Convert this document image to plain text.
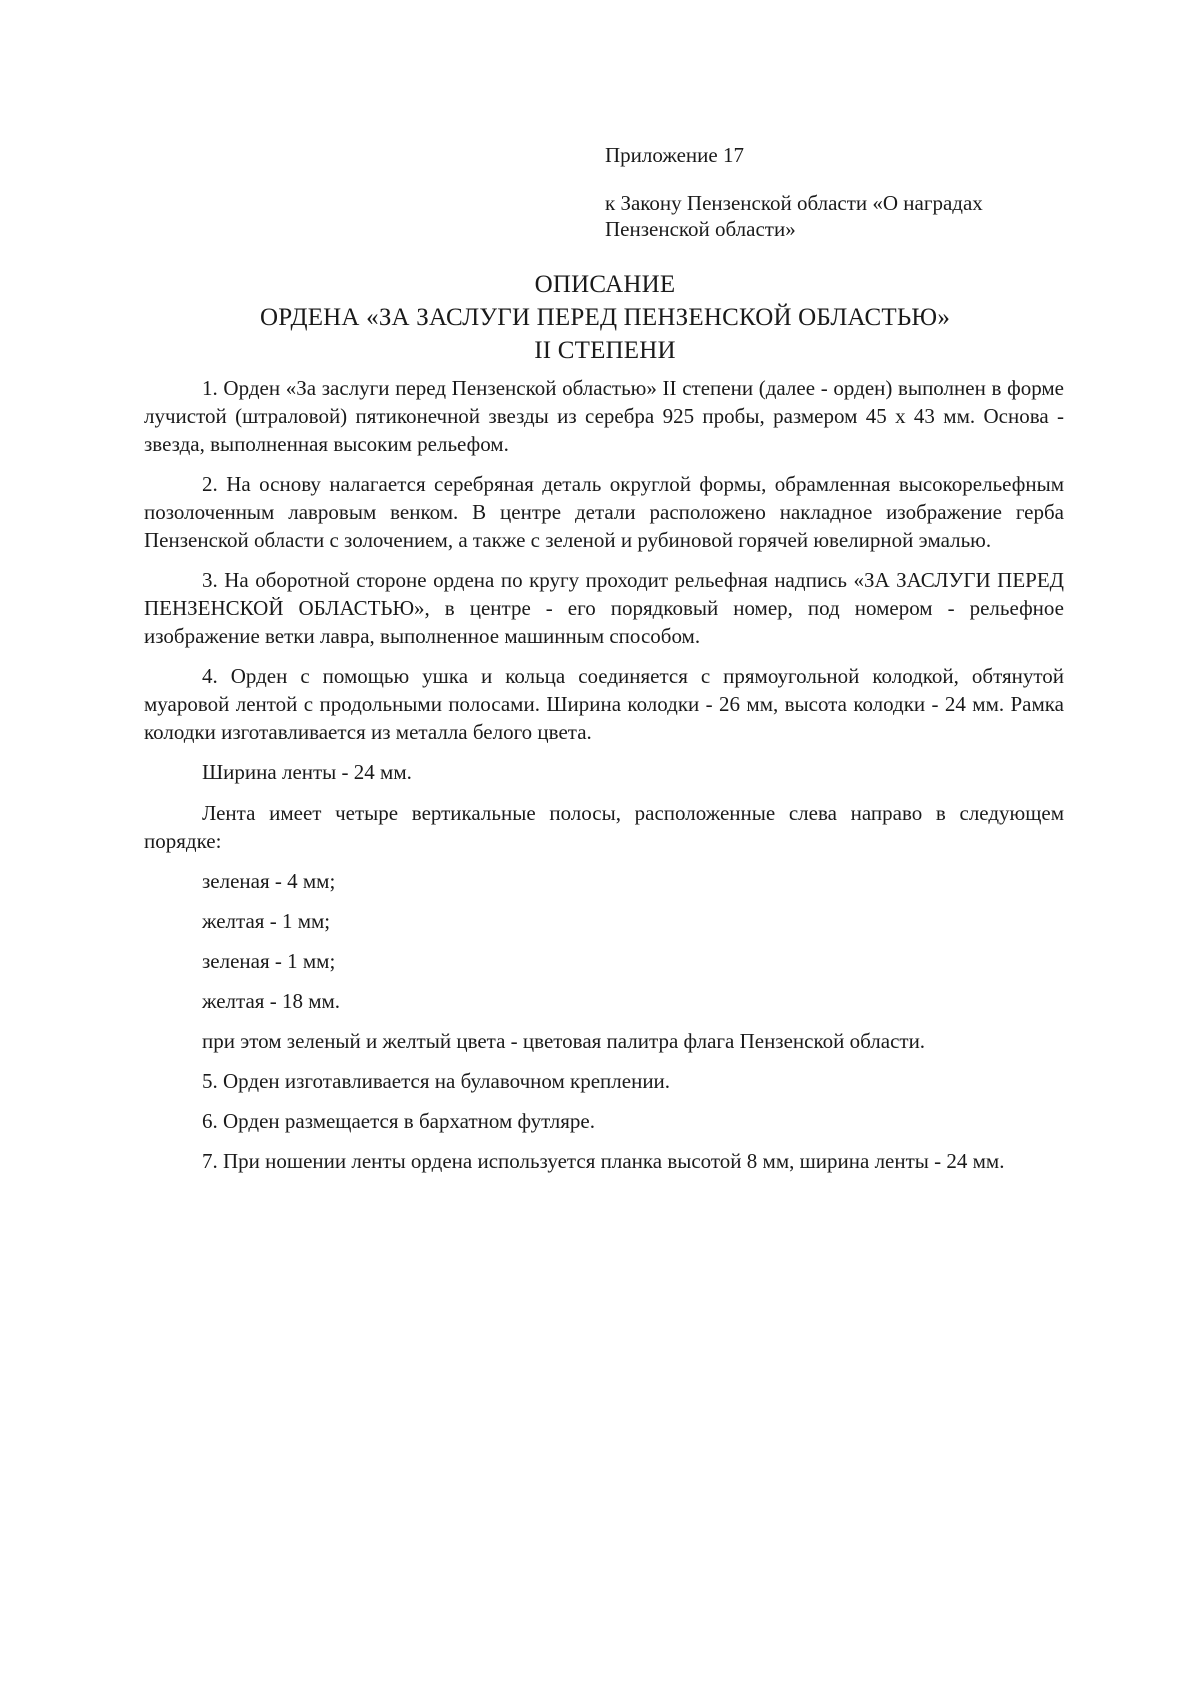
Приложение 17
к Закону Пензенской области «О наградах Пензенской области»
ОПИСАНИЕ
ОРДЕНА «ЗА ЗАСЛУГИ ПЕРЕД ПЕНЗЕНСКОЙ ОБЛАСТЬЮ»
II СТЕПЕНИ

1. Орден «За заслуги перед Пензенской областью» II степени (далее - орден) выполнен в форме лучистой (штраловой) пятиконечной звезды из серебра 925 пробы, размером 45 x 43 мм. Основа - звезда, выполненная высоким рельефом.

2. На основу налагается серебряная деталь округлой формы, обрамленная высокорельефным позолоченным лавровым венком. В центре детали расположено накладное изображение герба Пензенской области с золочением, а также с зеленой и рубиновой горячей ювелирной эмалью.

3. На оборотной стороне ордена по кругу проходит рельефная надпись «ЗА ЗАСЛУГИ ПЕРЕД ПЕНЗЕНСКОЙ ОБЛАСТЬЮ», в центре - его порядковый номер, под номером - рельефное изображение ветки лавра, выполненное машинным способом.

4. Орден с помощью ушка и кольца соединяется с прямоугольной колодкой, обтянутой муаровой лентой с продольными полосами. Ширина колодки - 26 мм, высота колодки - 24 мм. Рамка колодки изготавливается из металла белого цвета.

Ширина ленты - 24 мм.

Лента имеет четыре вертикальные полосы, расположенные слева направо в следующем порядке:

зеленая - 4 мм;

желтая - 1 мм;

зеленая - 1 мм;

желтая - 18 мм.

при этом зеленый и желтый цвета - цветовая палитра флага Пензенской области.

5. Орден изготавливается на булавочном креплении.

6. Орден размещается в бархатном футляре.

7. При ношении ленты ордена используется планка высотой 8 мм, ширина ленты - 24 мм.
